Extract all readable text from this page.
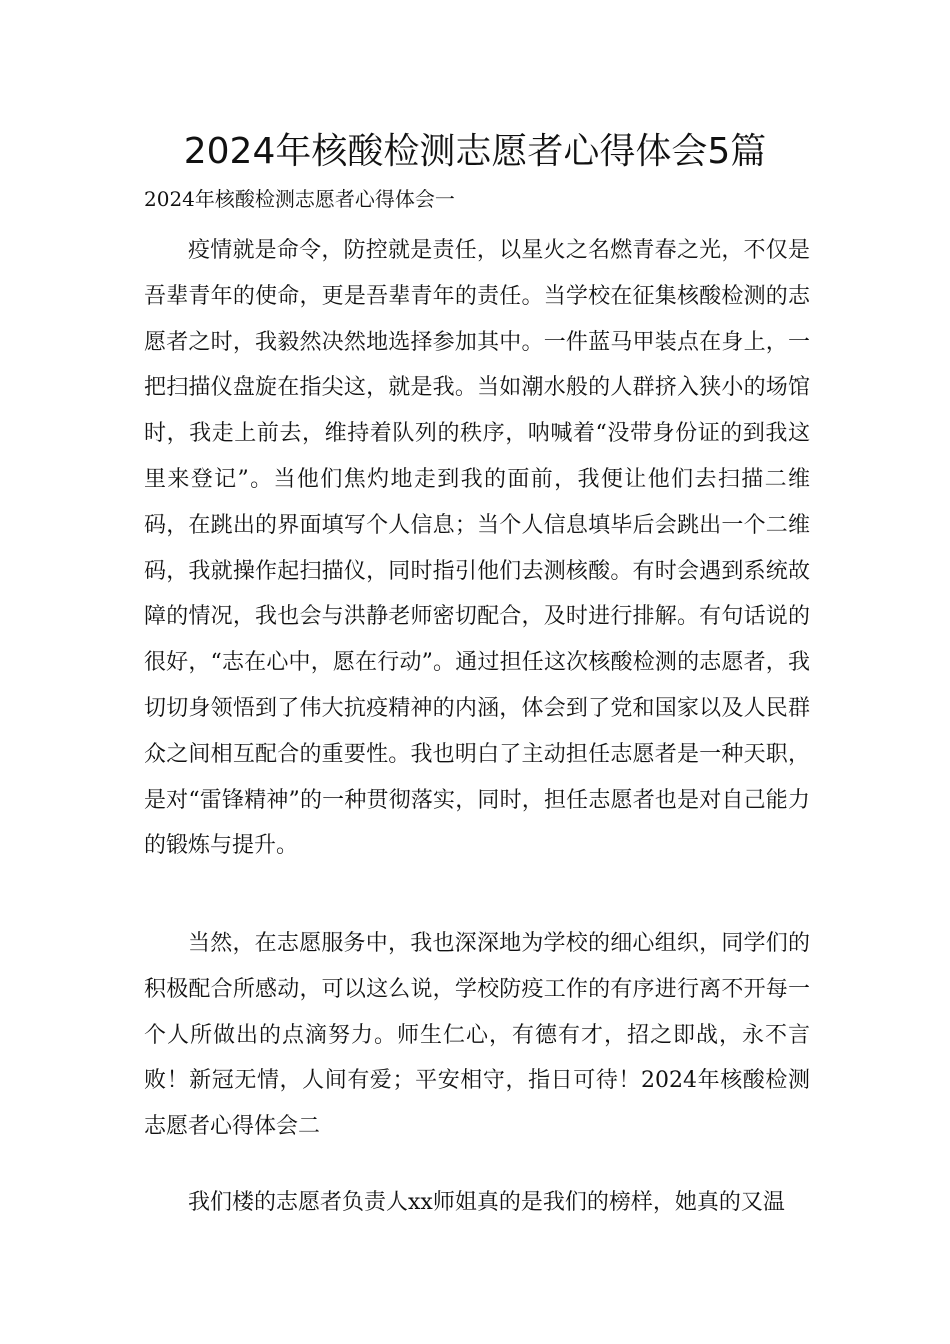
2024年核酸检测志愿者心得体会5篇
2024年核酸检测志愿者心得体会一

疫情就是命令，防控就是责任，以星火之名燃青春之光，不仅是吾辈青年的使命，更是吾辈青年的责任。当学校在征集核酸检测的志愿者之时，我毅然决然地选择参加其中。一件蓝马甲装点在身上，一把扫描仪盘旋在指尖这，就是我。当如潮水般的人群挤入狭小的场馆时，我走上前去，维持着队列的秩序，呐喊着“没带身份证的到我这里来登记”。当他们焦灼地走到我的面前，我便让他们去扫描二维码，在跳出的界面填写个人信息；当个人信息填毕后会跳出一个二维码，我就操作起扫描仪，同时指引他们去测核酸。有时会遇到系统故障的情况，我也会与洪静老师密切配合，及时进行排解。有句话说的很好，“志在心中，愿在行动”。通过担任这次核酸检测的志愿者，我切切身领悟到了伟大抗疫精神的内涵，体会到了党和国家以及人民群众之间相互配合的重要性。我也明白了主动担任志愿者是一种天职，是对“雷锋精神”的一种贯彻落实，同时，担任志愿者也是对自己能力的锻炼与提升。

当然，在志愿服务中，我也深深地为学校的细心组织，同学们的积极配合所感动，可以这么说，学校防疫工作的有序进行离不开每一个人所做出的点滴努力。师生仁心，有德有才，招之即战，永不言败！新冠无情，人间有爱；平安相守，指日可待！2024年核酸检测志愿者心得体会二

我们楼的志愿者负责人xx师姐真的是我们的榜样，她真的又温
